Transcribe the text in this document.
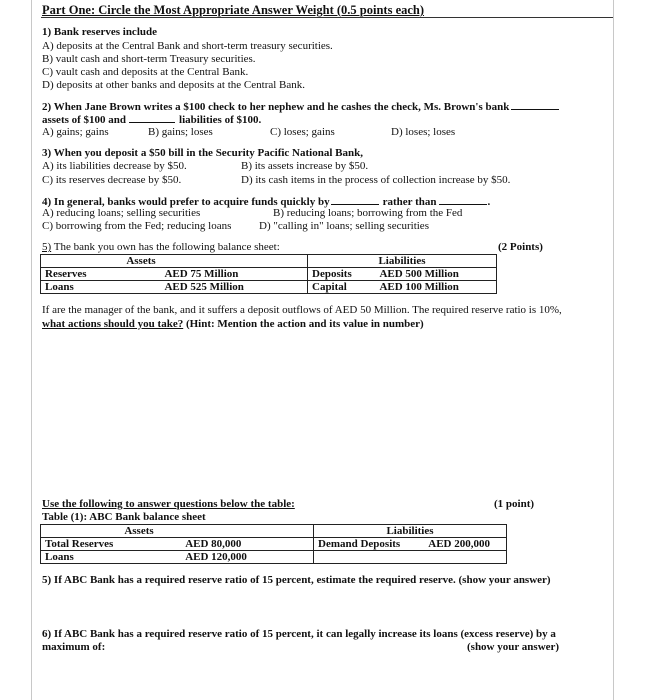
Part One: Circle the Most Appropriate Answer Weight (0.5 points each)
1) Bank reserves include
A) deposits at the Central Bank and short-term treasury securities.
B) vault cash and short-term Treasury securities.
C) vault cash and deposits at the Central Bank.
D) deposits at other banks and deposits at the Central Bank.
2) When Jane Brown writes a $100 check to her nephew and he cashes the check, Ms. Brown's bank
assets of $100 and	liabilities of $100.
A) gains; gains	B) gains; loses	C) loses; gains	D) loses; loses
3) When you deposit a $50 bill in the Security Pacific National Bank,
A) its liabilities decrease by $50.	B) its assets increase by $50.
C) its reserves decrease by $50.	D) its cash items in the process of collection increase by $50.
4) In general, banks would prefer to acquire funds quickly by	rather than	.
A) reducing loans; selling securities	B) reducing loans; borrowing from the Fed
C) borrowing from the Fed; reducing loans	D) "calling in" loans; selling securities
5) The bank you own has the following balance sheet:	(2 Points)
Assets		Liabilities	
Reserves	AED 75 Million	Deposits	AED 500 Million
Loans	AED 525 Million	Capital	AED 100 Million
If are the manager of the bank, and it suffers a deposit outflows of AED 50 Million. The required reserve ratio is 10%,
what actions should you take? (Hint: Mention the action and its value in number)
Use the following to answer questions below the table:	(1 point)
Table (1): ABC Bank balance sheet
Assets		Liabilities	
Total Reserves	AED 80,000	Demand Deposits	AED 200,000
Loans	AED 120,000		
5) If ABC Bank has a required reserve ratio of 15 percent, estimate the required reserve. (show your answer)
6) If ABC Bank has a required reserve ratio of 15 percent, it can legally increase its loans (excess reserve) by a
maximum of:	(show your answer)
